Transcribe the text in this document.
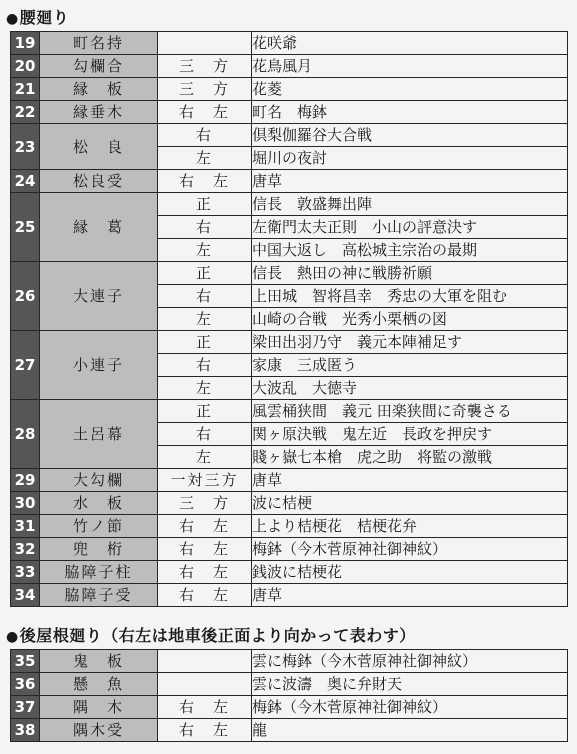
●腰廻り
19	町名持		花咲爺
20	勾欄合	三　方	花鳥風月
21	縁　板	三　方	花菱
22	縁垂木	右　左	町名　梅鉢
23	松　良	右	倶梨伽羅谷大合戦
		左	堀川の夜討
24	松良受	右　左	唐草
25	縁　葛	正	信長　敦盛舞出陣
		右	左衛門太夫正則　小山の評意決す
		左	中国大返し　高松城主宗治の最期
26	大連子	正	信長　熱田の神に戦勝祈願
		右	上田城　智将昌幸　秀忠の大軍を阻む
		左	山崎の合戦　光秀小栗栖の図
27	小連子	正	梁田出羽乃守　義元本陣補足す
		右	家康　三成匿う
		左	大波乱　大徳寺
28	土呂幕	正	風雲桶狭間　義元 田楽狭間に奇襲さる
		右	関ヶ原決戦　鬼左近　長政を押戻す
		左	賤ヶ嶽七本槍　虎之助　将監の激戦
29	大勾欄	一対三方	唐草
30	水　板	三　方	波に桔梗
31	竹ノ節	右　左	上より桔梗花　桔梗花弁
32	兜　桁	右　左	梅鉢（今木菅原神社御神紋）
33	脇障子柱	右　左	銭波に桔梗花
34	脇障子受	右　左	唐草
●後屋根廻り（右左は地車後正面より向かって表わす）
35	鬼　板		雲に梅鉢（今木菅原神社御神紋）
36	懸　魚		雲に波濤　奥に弁財天
37	隅　木	右　左	梅鉢（今木菅原神社御神紋）
38	隅木受	右　左	龍
